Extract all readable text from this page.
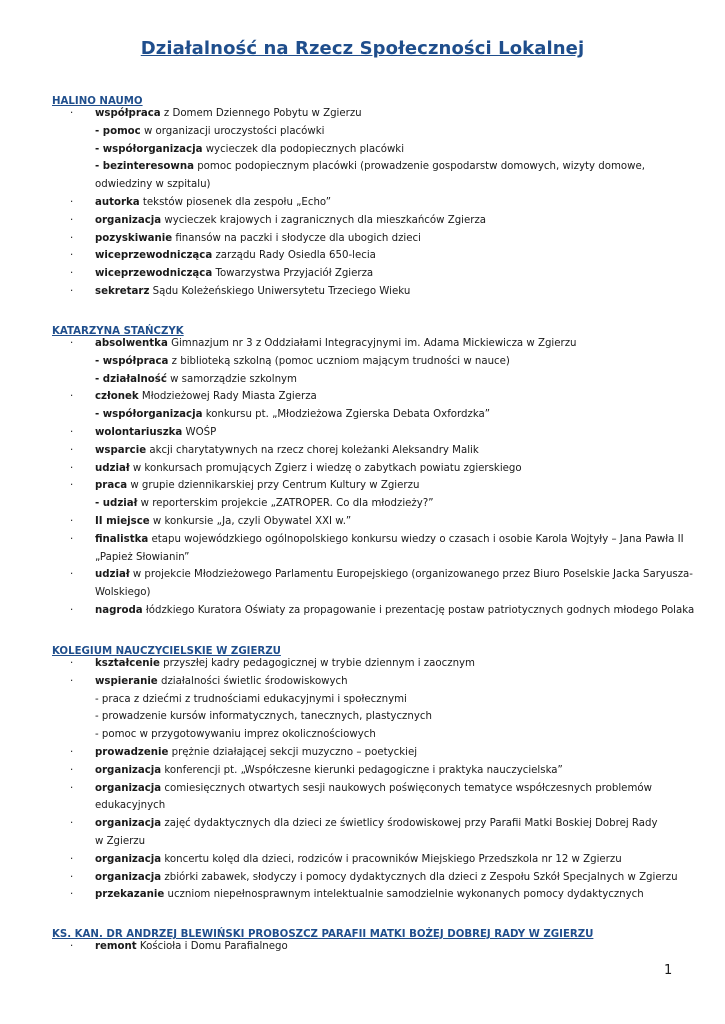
Działalność na Rzecz Społeczności Lokalnej
HALINO NAUMO
· współpraca z Domem Dziennego Pobytu w Zgierzu
- pomoc w organizacji uroczystości placówki
- współorganizacja wycieczek dla podopiecznych placówki
- bezinteresowna pomoc podopiecznym placówki (prowadzenie gospodarstw domowych, wizyty domowe,
odwiedziny w szpitalu)
· autorka tekstów piosenek dla zespołu „Echo”
· organizacja wycieczek krajowych i zagranicznych dla mieszkańców Zgierza
· pozyskiwanie finansów na paczki i słodycze dla ubogich dzieci
· wiceprzewodnicząca zarządu Rady Osiedla 650-lecia
· wiceprzewodnicząca Towarzystwa Przyjaciół Zgierza
· sekretarz Sądu Koleżeńskiego Uniwersytetu Trzeciego Wieku
KATARZYNA STAŃCZYK
· absolwentka Gimnazjum nr 3 z Oddziałami Integracyjnymi im. Adama Mickiewicza w Zgierzu
- współpraca z biblioteką szkolną (pomoc uczniom mającym trudności w nauce)
- działalność w samorządzie szkolnym
· członek Młodzieżowej Rady Miasta Zgierza
- współorganizacja konkursu pt. „Młodzieżowa Zgierska Debata Oxfordzka”
· wolontariuszka WOŚP
· wsparcie akcji charytatywnych na rzecz chorej koleżanki Aleksandry Malik
· udział w konkursach promujących Zgierz i wiedzę o zabytkach powiatu zgierskiego
· praca w grupie dziennikarskiej przy Centrum Kultury w Zgierzu
- udział w reporterskim projekcie „ZATROPER. Co dla młodzieży?”
· II miejsce w konkursie „Ja, czyli Obywatel XXI w.”
· finalistka etapu wojewódzkiego ogólnopolskiego konkursu wiedzy o czasach i osobie Karola Wojtyły – Jana Pawła II
„Papież Słowianin”
· udział w projekcie Młodzieżowego Parlamentu Europejskiego (organizowanego przez Biuro Poselskie Jacka Saryusza-
Wolskiego)
· nagroda łódzkiego Kuratora Oświaty za propagowanie i prezentację postaw patriotycznych godnych młodego Polaka
KOLEGIUM NAUCZYCIELSKIE W ZGIERZU
· kształcenie przyszłej kadry pedagogicznej w trybie dziennym i zaocznym
· wspieranie działalności świetlic środowiskowych
- praca z dziećmi z trudnościami edukacyjnymi i społecznymi
- prowadzenie kursów informatycznych, tanecznych, plastycznych
- pomoc w przygotowywaniu imprez okolicznościowych
· prowadzenie prężnie działającej sekcji muzyczno – poetyckiej
· organizacja konferencji pt. „Współczesne kierunki pedagogiczne i praktyka nauczycielska”
· organizacja comiesięcznych otwartych sesji naukowych poświęconych tematyce współczesnych problemów
edukacyjnych
· organizacja zajęć dydaktycznych dla dzieci ze świetlicy środowiskowej przy Parafii Matki Boskiej Dobrej Rady
w Zgierzu
· organizacja koncertu kolęd dla dzieci, rodziców i pracowników Miejskiego Przedszkola nr 12 w Zgierzu
· organizacja zbiórki zabawek, słodyczy i pomocy dydaktycznych dla dzieci z Zespołu Szkół Specjalnych w Zgierzu
· przekazanie uczniom niepełnosprawnym intelektualnie samodzielnie wykonanych pomocy dydaktycznych
KS. KAN. DR ANDRZEJ BLEWIŃSKI PROBOSZCZ PARAFII MATKI BOŻEJ DOBREJ RADY W ZGIERZU
· remont Kościoła i Domu Parafialnego
1
